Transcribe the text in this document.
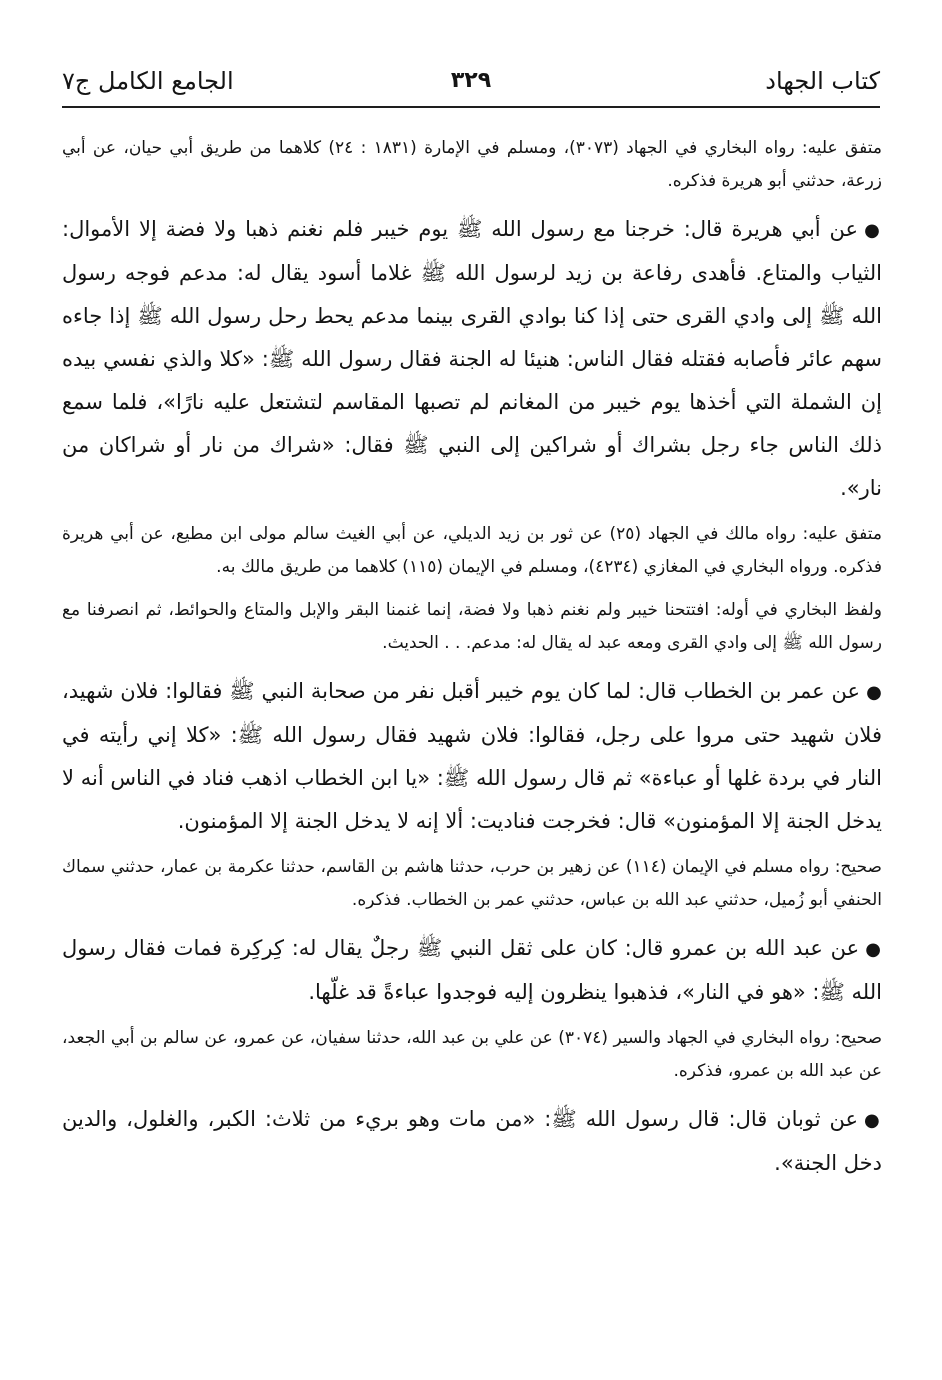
كتاب الجهاد
٣٢٩
الجامع الكامل ج٧

متفق عليه: رواه البخاري في الجهاد (٣٠٧٣)، ومسلم في الإمارة (١٨٣١ : ٢٤) كلاهما من طريق أبي حيان، عن أبي زرعة، حدثني أبو هريرة فذكره.

●عن أبي هريرة قال: خرجنا مع رسول الله ﷺ يوم خيبر فلم نغنم ذهبا ولا فضة إلا الأموال: الثياب والمتاع. فأهدى رفاعة بن زيد لرسول الله ﷺ غلاما أسود يقال له: مدعم فوجه رسول الله ﷺ إلى وادي القرى حتى إذا كنا بوادي القرى بينما مدعم يحط رحل رسول الله ﷺ إذا جاءه سهم عائر فأصابه فقتله فقال الناس: هنيئا له الجنة فقال رسول الله ﷺ: «كلا والذي نفسي بيده إن الشملة التي أخذها يوم خيبر من المغانم لم تصبها المقاسم لتشتعل عليه نارًا»، فلما سمع ذلك الناس جاء رجل بشراك أو شراكين إلى النبي ﷺ فقال: «شراك من نار أو شراكان من نار».

متفق عليه: رواه مالك في الجهاد (٢٥) عن ثور بن زيد الديلي، عن أبي الغيث سالم مولى ابن مطيع، عن أبي هريرة فذكره. ورواه البخاري في المغازي (٤٢٣٤)، ومسلم في الإيمان (١١٥) كلاهما من طريق مالك به.

ولفظ البخاري في أوله: افتتحنا خيبر ولم نغنم ذهبا ولا فضة، إنما غنمنا البقر والإبل والمتاع والحوائط، ثم انصرفنا مع رسول الله ﷺ إلى وادي القرى ومعه عبد له يقال له: مدعم. . . الحديث.

●عن عمر بن الخطاب قال: لما كان يوم خيبر أقبل نفر من صحابة النبي ﷺ فقالوا: فلان شهيد، فلان شهيد حتى مروا على رجل، فقالوا: فلان شهيد فقال رسول الله ﷺ: «كلا إني رأيته في النار في بردة غلها أو عباءة» ثم قال رسول الله ﷺ: «يا ابن الخطاب اذهب فناد في الناس أنه لا يدخل الجنة إلا المؤمنون» قال: فخرجت فناديت: ألا إنه لا يدخل الجنة إلا المؤمنون.

صحيح: رواه مسلم في الإيمان (١١٤) عن زهير بن حرب، حدثنا هاشم بن القاسم، حدثنا عكرمة بن عمار، حدثني سماك الحنفي أبو زُميل، حدثني عبد الله بن عباس، حدثني عمر بن الخطاب. فذكره.

●عن عبد الله بن عمرو قال: كان على ثقل النبي ﷺ رجلٌ يقال له: كِركِرة فمات فقال رسول الله ﷺ: «هو في النار»، فذهبوا ينظرون إليه فوجدوا عباءةً قد غلّها.

صحيح: رواه البخاري في الجهاد والسير (٣٠٧٤) عن علي بن عبد الله، حدثنا سفيان، عن عمرو، عن سالم بن أبي الجعد، عن عبد الله بن عمرو، فذكره.

●عن ثوبان قال: قال رسول الله ﷺ: «من مات وهو بريء من ثلاث: الكبر، والغلول، والدين دخل الجنة».
